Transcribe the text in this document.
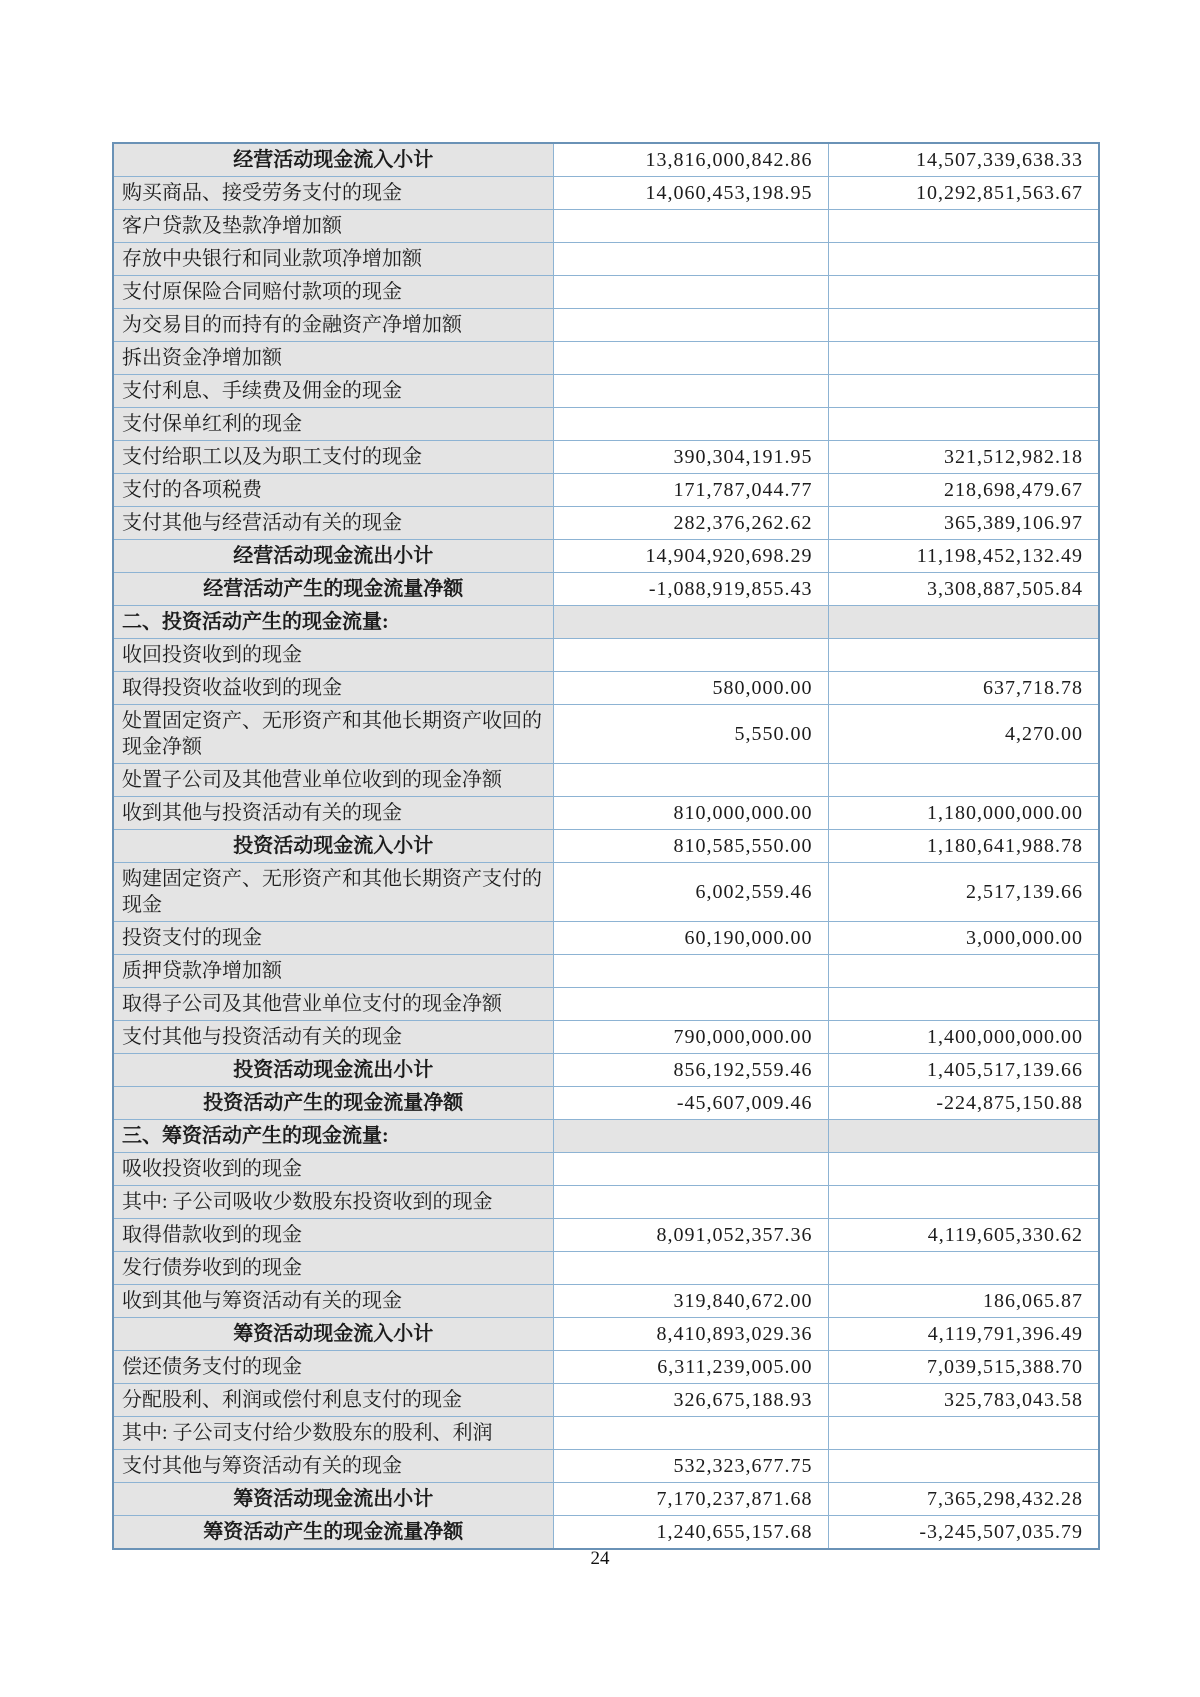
经营活动现金流入小计	13,816,000,842.86	14,507,339,638.33
购买商品、接受劳务支付的现金	14,060,453,198.95	10,292,851,563.67
客户贷款及垫款净增加额		
存放中央银行和同业款项净增加额		
支付原保险合同赔付款项的现金		
为交易目的而持有的金融资产净增加额		
拆出资金净增加额		
支付利息、手续费及佣金的现金		
支付保单红利的现金		
支付给职工以及为职工支付的现金	390,304,191.95	321,512,982.18
支付的各项税费	171,787,044.77	218,698,479.67
支付其他与经营活动有关的现金	282,376,262.62	365,389,106.97
经营活动现金流出小计	14,904,920,698.29	11,198,452,132.49
经营活动产生的现金流量净额	-1,088,919,855.43	3,308,887,505.84
二、投资活动产生的现金流量:		
收回投资收到的现金		
取得投资收益收到的现金	580,000.00	637,718.78
处置固定资产、无形资产和其他长期资产收回的现金净额	5,550.00	4,270.00
处置子公司及其他营业单位收到的现金净额		
收到其他与投资活动有关的现金	810,000,000.00	1,180,000,000.00
投资活动现金流入小计	810,585,550.00	1,180,641,988.78
购建固定资产、无形资产和其他长期资产支付的现金	6,002,559.46	2,517,139.66
投资支付的现金	60,190,000.00	3,000,000.00
质押贷款净增加额		
取得子公司及其他营业单位支付的现金净额		
支付其他与投资活动有关的现金	790,000,000.00	1,400,000,000.00
投资活动现金流出小计	856,192,559.46	1,405,517,139.66
投资活动产生的现金流量净额	-45,607,009.46	-224,875,150.88
三、筹资活动产生的现金流量:		
吸收投资收到的现金		
其中: 子公司吸收少数股东投资收到的现金		
取得借款收到的现金	8,091,052,357.36	4,119,605,330.62
发行债券收到的现金		
收到其他与筹资活动有关的现金	319,840,672.00	186,065.87
筹资活动现金流入小计	8,410,893,029.36	4,119,791,396.49
偿还债务支付的现金	6,311,239,005.00	7,039,515,388.70
分配股利、利润或偿付利息支付的现金	326,675,188.93	325,783,043.58
其中: 子公司支付给少数股东的股利、利润		
支付其他与筹资活动有关的现金	532,323,677.75	
筹资活动现金流出小计	7,170,237,871.68	7,365,298,432.28
筹资活动产生的现金流量净额	1,240,655,157.68	-3,245,507,035.79
24
